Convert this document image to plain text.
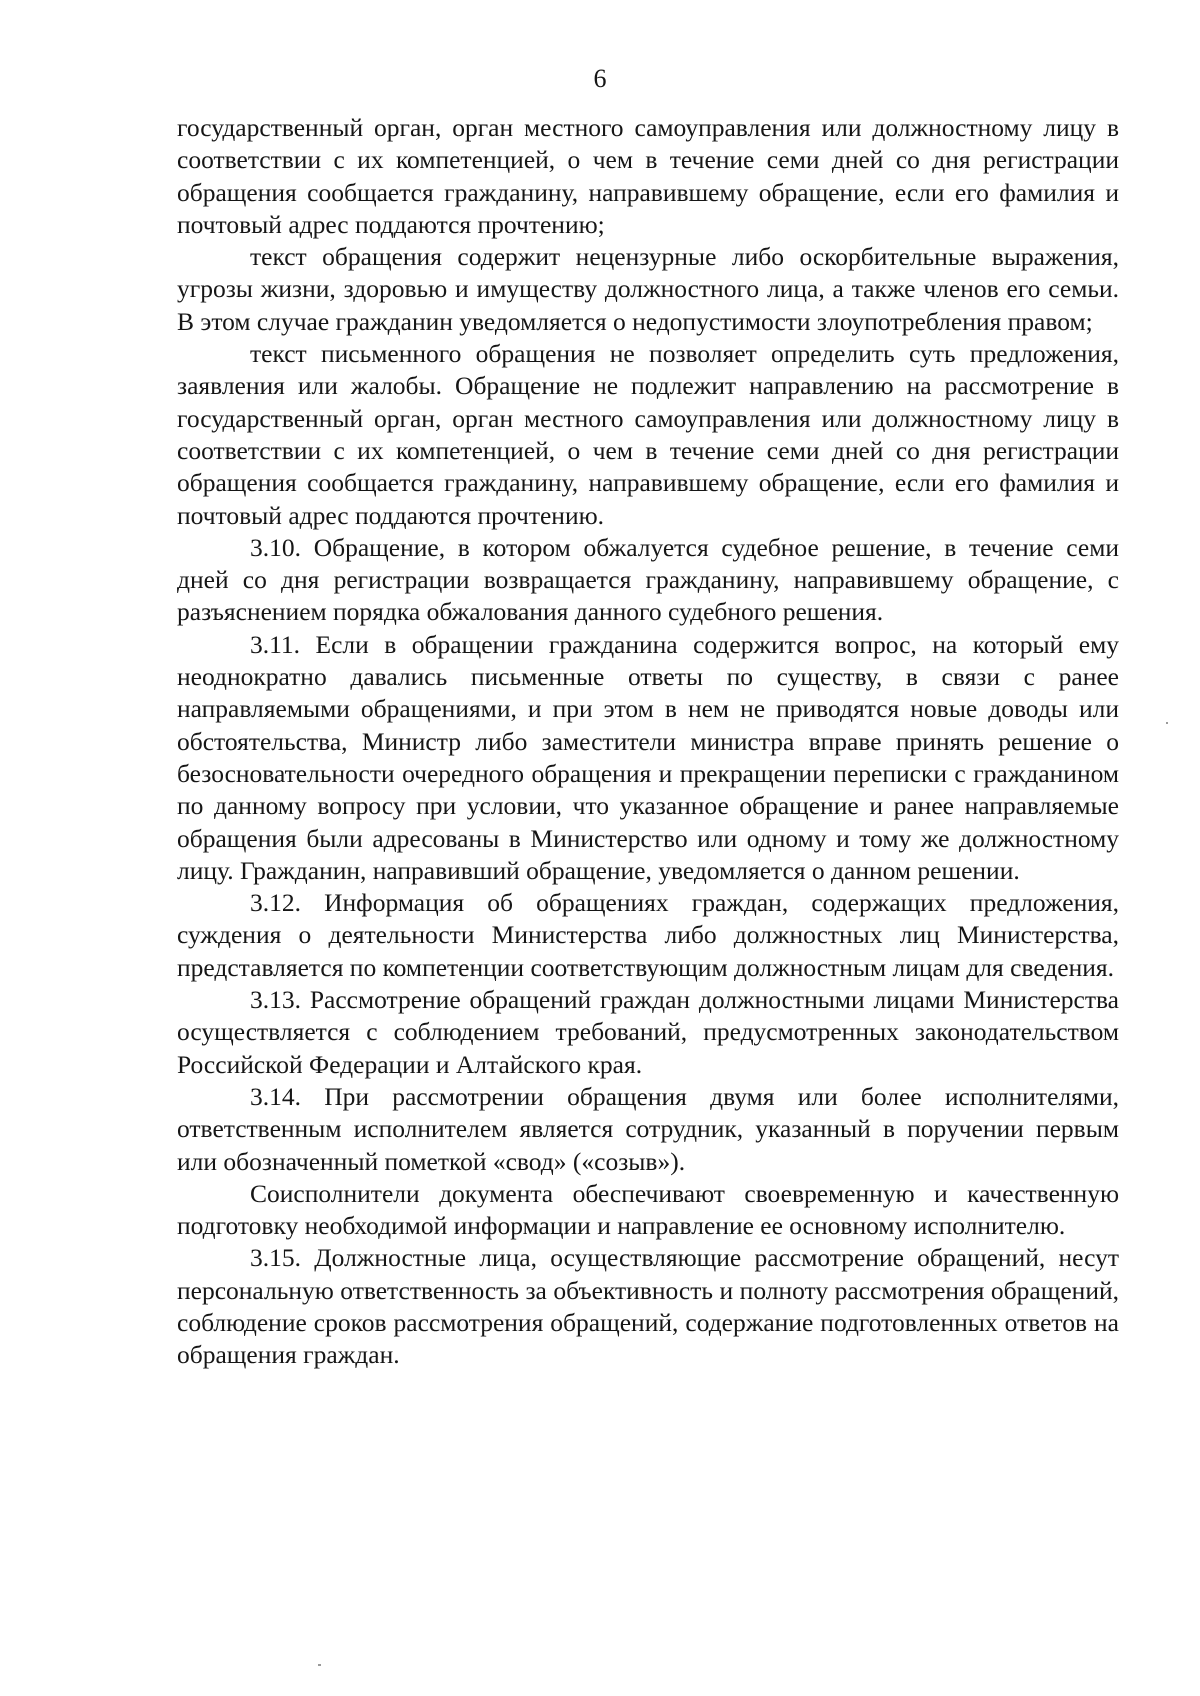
6

государственный орган, орган местного самоуправления или должностному лицу в соответствии с их компетенцией, о чем в течение семи дней со дня регистрации обращения сообщается гражданину, направившему обращение, если его фамилия и почтовый адрес поддаются прочтению;

текст обращения содержит нецензурные либо оскорбительные выражения, угрозы жизни, здоровью и имуществу должностного лица, а также членов его семьи. В этом случае гражданин уведомляется о недопустимости злоупотребления правом;

текст письменного обращения не позволяет определить суть предложения, заявления или жалобы. Обращение не подлежит направлению на рассмотрение в государственный орган, орган местного самоуправления или должностному лицу в соответствии с их компетенцией, о чем в течение семи дней со дня регистрации обращения сообщается гражданину, направившему обращение, если его фамилия и почтовый адрес поддаются прочтению.

3.10. Обращение, в котором обжалуется судебное решение, в течение семи дней со дня регистрации возвращается гражданину, направившему обращение, с разъяснением порядка обжалования данного судебного решения.

3.11. Если в обращении гражданина содержится вопрос, на который ему неоднократно давались письменные ответы по существу, в связи с ранее направляемыми обращениями, и при этом в нем не приводятся новые доводы или обстоятельства, Министр либо заместители министра вправе принять решение о безосновательности очередного обращения и прекращении переписки с гражданином по данному вопросу при условии, что указанное обращение и ранее направляемые обращения были адресованы в Министерство или одному и тому же должностному лицу. Гражданин, направивший обращение, уведомляется о данном решении.

3.12. Информация об обращениях граждан, содержащих предложения, суждения о деятельности Министерства либо должностных лиц Министерства, представляется по компетенции соответствующим должностным лицам для сведения.

3.13. Рассмотрение обращений граждан должностными лицами Министерства осуществляется с соблюдением требований, предусмотренных законодательством Российской Федерации и Алтайского края.

3.14. При рассмотрении обращения двумя или более исполнителями, ответственным исполнителем является сотрудник, указанный в поручении первым или обозначенный пометкой «свод» («созыв»).

Соисполнители документа обеспечивают своевременную и качественную подготовку необходимой информации и направление ее основному исполнителю.

3.15. Должностные лица, осуществляющие рассмотрение обращений, несут персональную ответственность за объективность и полноту рассмотрения обращений, соблюдение сроков рассмотрения обращений, содержание подготовленных ответов на обращения граждан.
